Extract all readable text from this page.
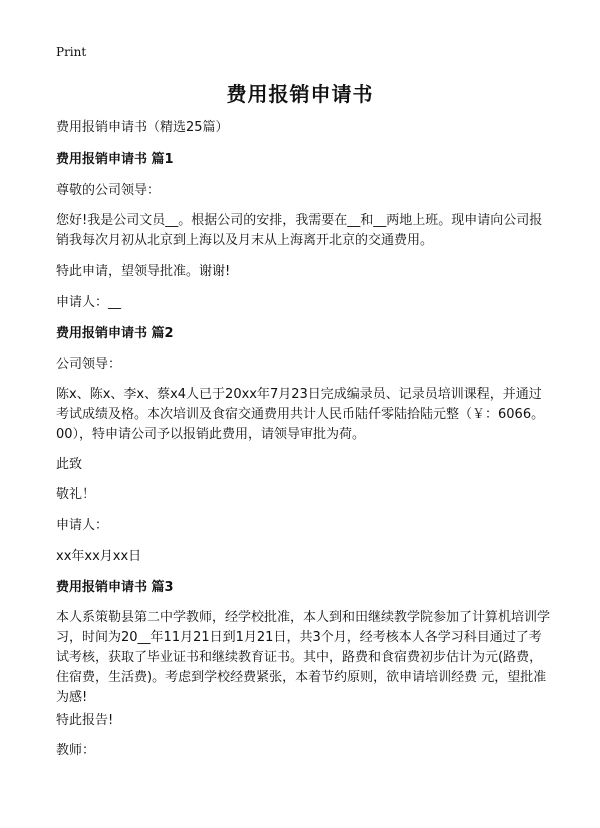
Print
费用报销申请书
费用报销申请书（精选25篇）
费用报销申请书 篇1
尊敬的公司领导：
您好!我是公司文员__。根据公司的安排，我需要在__和__两地上班。现申请向公司报销我每次月初从北京到上海以及月末从上海离开北京的交通费用。
特此申请，望领导批准。谢谢!
申请人：__
费用报销申请书 篇2
公司领导：
陈x、陈x、李x、蔡x4人已于20xx年7月23日完成编录员、记录员培训课程，并通过考试成绩及格。本次培训及食宿交通费用共计人民币陆仟零陆拾陆元整（￥：6066。00），特申请公司予以报销此费用，请领导审批为荷。
此致
敬礼！
申请人：
xx年xx月xx日
费用报销申请书 篇3
本人系策勒县第二中学教师，经学校批准，本人到和田继续教学院参加了计算机培训学习，时间为20__年11月21日到1月21日，共3个月，经考核本人各学习科目通过了考试考核，获取了毕业证书和继续教育证书。其中，路费和食宿费初步估计为元(路费，住宿费，生活费)。考虑到学校经费紧张，本着节约原则，欲申请培训经费 元，望批准为感!
特此报告!
教师：
